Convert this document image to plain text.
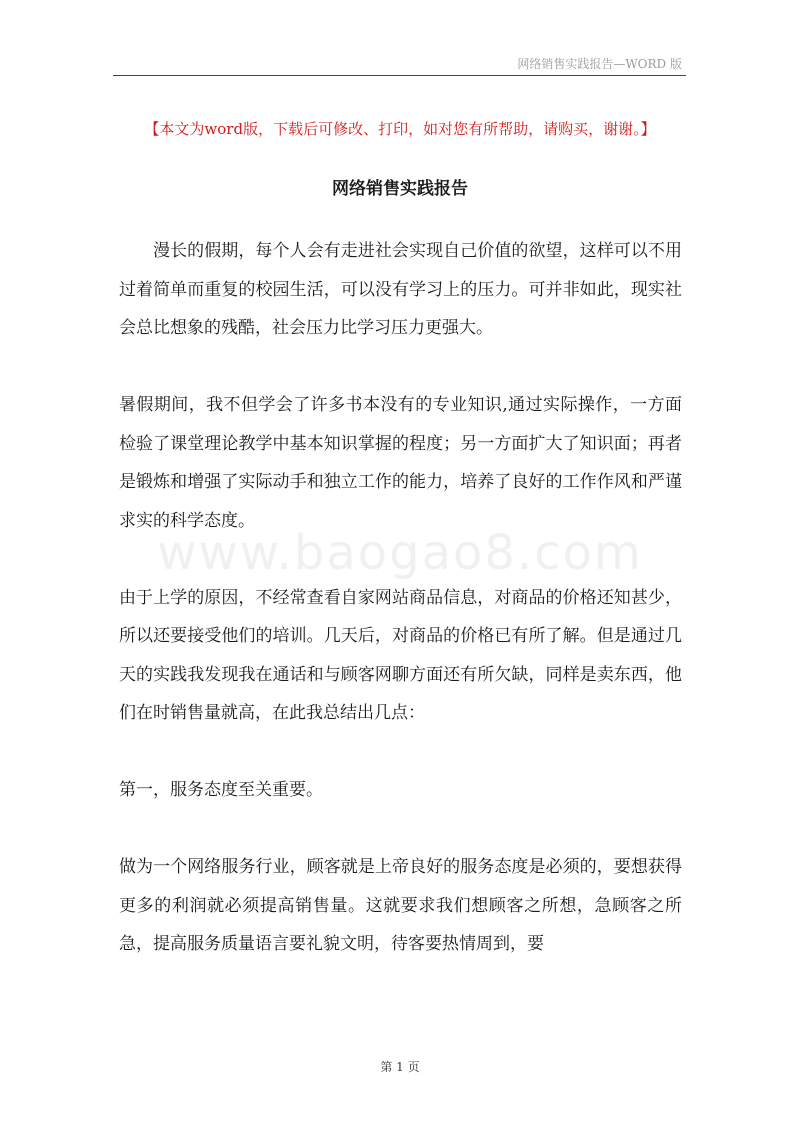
网络销售实践报告—WORD 版
【本文为word版，下载后可修改、打印，如对您有所帮助，请购买，谢谢。】
网络销售实践报告

漫长的假期，每个人会有走进社会实现自己价值的欲望，这样可以不用过着简单而重复的校园生活，可以没有学习上的压力。可并非如此，现实社会总比想象的残酷，社会压力比学习压力更强大。

暑假期间，我不但学会了许多书本没有的专业知识,通过实际操作，一方面检验了课堂理论教学中基本知识掌握的程度；另一方面扩大了知识面；再者是锻炼和增强了实际动手和独立工作的能力，培养了良好的工作作风和严谨求实的科学态度。

由于上学的原因，不经常查看自家网站商品信息，对商品的价格还知甚少，所以还要接受他们的培训。几天后，对商品的价格已有所了解。但是通过几天的实践我发现我在通话和与顾客网聊方面还有所欠缺，同样是卖东西，他们在时销售量就高，在此我总结出几点：

第一，服务态度至关重要。

做为一个网络服务行业，顾客就是上帝良好的服务态度是必须的，要想获得更多的利润就必须提高销售量。这就要求我们想顾客之所想，急顾客之所急，提高服务质量语言要礼貌文明，待客要热情周到，要

www.baogao8.com
第 1 页
